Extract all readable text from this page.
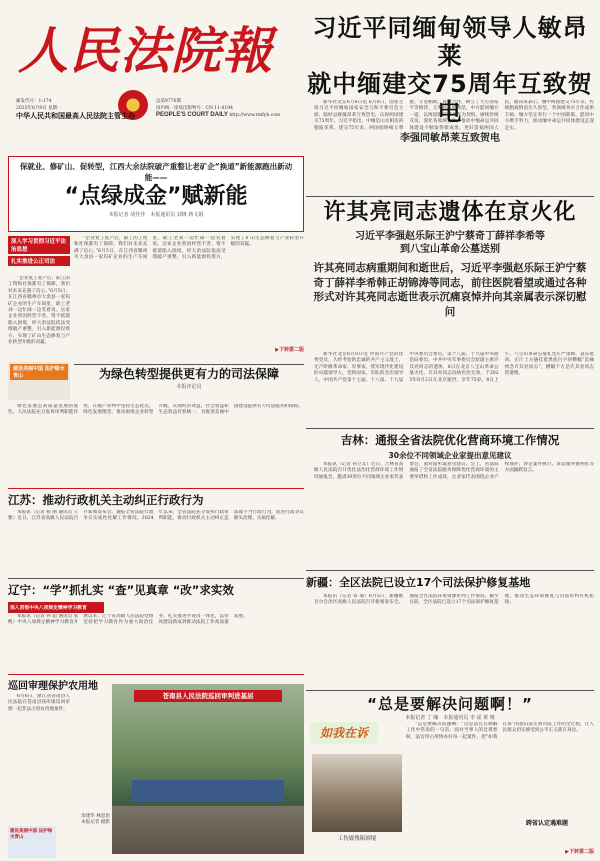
人民法院報
邮发代号：1-174
2025年6月9日 星期一
中华人民共和国最高人民法院主管主办
总第9776期
国内统一连续出版物号：CN 11-0194
PEOPLE'S COURT DAILY http://www.rmfyb.com
习近平同缅甸领导人敏昂莱
就中缅建交75周年互致贺电
李强同敏昂莱互致贺电

新华社北京6月8日电 6月8日，国家主席习近平同缅甸国家安全与和平委员会主席、临时总统敏昂莱互致贺电，庆祝两国建交75周年。习近平指出，中缅是山水相连的胞波邻邦，建交75年来，两国始终相互尊重、守望相助、真诚合作，树立了大小国家平等相待、互利共赢的典范。中方愿同缅方一道，以两国建交75周年为契机，赓续传统友谊，深化各领域合作，推动中缅命运共同体建设不断取得新成果，更好造福两国人民。敏昂莱表示，缅中两国建交75年来，传统胞波情谊历久弥坚，各领域务实合作成果丰硕。缅方坚定奉行一个中国政策，愿同中方携手努力，推动缅中命运共同体建设走深走实。

许其亮同志遗体在京火化
习近平李强赵乐际王沪宁蔡奇丁薛祥李希等
到八宝山革命公墓送别
许其亮同志病重期间和逝世后，习近平李强赵乐际王沪宁蔡奇丁薛祥李希韩正胡锦涛等同志，前往医院看望或通过各种形式对许其亮同志逝世表示沉痛哀悼并向其亲属表示深切慰问

新华社北京6月8日电 中国共产党的优秀党员，久经考验的忠诚的共产主义战士，无产阶级革命家、军事家，我军现代化建设的卓越领导人，党和国家、军队的杰出领导人，中国共产党第十七届、十八届、十九届中央委员会委员，第十八届、十九届中央政治局委员，中共中央军事委员会原副主席许其亮同志的遗体，8日在北京八宝山革命公墓火化。许其亮同志因病医治无效，于2025年6月2日在北京逝世，享年75岁。8日上午，八宝山革命公墓礼堂庄严肃穆，哀乐低回。正厅上方悬挂着黑底白字的横幅“沉痛悼念许其亮同志”，横幅下方是许其亮同志的遗像。

吉林：通报全省法院优化营商环境工作情况
30余位不同领域企业家提出意见建议

本报讯（记者 孙立文）近日，吉林省高级人民法院召开优化法治化营商环境工作情况通报会，邀请30余位不同领域企业家代表参会，面对面听取意见建议。会上，省法院通报了全省法院服务保障优化营商环境的主要举措和工作成效，企业家代表围绕企业产权保护、涉企案件执行、诉讼服务便利化等方面踊跃发言。

新疆：全区法院已设立17个司法保护修复基地

本报讯（记者 覃 瑞）6月5日，新疆维吾尔自治区高级人民法院召开新闻发布会，通报全区法院环境资源审判工作情况。截至目前，全区法院已设立17个司法保护修复基地，推动生态环境修复与司法审判有机衔接。

保就业、修矿山、促转型，江西大余法院破产重整让老矿企“换道”新能源跑出新动能——
“点绿成金”赋新能
本报记者 胡佳佳　本报通讯员 刘锋 蒋文娟
深入学习贯彻习近平法治思想
扎实推进公正司法

“企业复工复产后，职工的工资和社保都有了保障，我们对未来充满了信心。”6月5日，在江西省赣州市大余县一家钨矿企业的生产车间里，职工老刘一边忙碌一边笑着说。这家企业曾因经营不善、资不抵债陷入困境，经大余法院依法受理破产重整，引入新能源投资方，实现了矿山生态修复与产业转型升级的双赢。

“企业复工复产后，职工的工资和社保都有了保障，我们对未来充满了信心。”6月5日，在江西省赣州市大余县一家钨矿企业的生产车间里，职工老刘一边忙碌一边笑着说。这家企业曾因经营不善、资不抵债陷入困境，经大余法院依法受理破产重整，引入新能源投资方，实现了矿山生态修复与产业转型升级的双赢。

▶下转第二版
建设美丽中国 法护绿水青山	为绿色转型提供更有力的司法保障
本报评论员

绿色发展是高质量发展的底色。人民法院充分发挥审判职能作用，在破产审判中坚持生态优先、绿色发展理念，推动困境企业转型升级，实现经济效益、社会效益和生态效益有机统一，为推进美丽中国建设提供有力司法服务和保障。

江苏：推动行政机关主动纠正行政行为

本报讯（记者 杨 丽 通讯员 王 雅）近日，江苏省高级人民法院召开新闻发布会，通报全省法院行政争议实质性化解工作情况。2024年以来，全省法院充分发挥行政审判职能，推动行政机关主动纠正违法或不当行政行为，促进行政争议源头治理、实质化解。

辽宁：“学”抓扎实 “查”见真章 “改”求实效
深入贯彻中央八项规定精神学习教育

本报讯（记者 孙 超 通讯员 张 帆）中央八项规定精神学习教育开展以来，辽宁省高级人民法院党组坚持把学习教育作为重大政治任务，扎实推进学查改一体化，以作风建设新成效推动法院工作高质量发展。

巡回审理保护农用地

6月6日，浙江省苍南县人民法院在苍南县钱库镇巡回审理一起非法占用农用地案件。

余建华 林思思
本报记者 摄影
苍南县人民法院巡回审判进基层
建设美丽中国 法护绿水青山
“总是要解决问题啊！”
本报记者 丁 咖　本报通讯员 李 谣 黄 晴
如我在诉
工伤致残陷困境

“总是要解决问题啊！”这是法官在调解工作中常说的一句话。面对当事人的急难愁盼，法官用心用情办好每一起案件，把“如我在诉”的意识落实到司法工作的全过程，让人民群众切实感受到公平正义就在身边。

跨省认定遇难题
▶下转第二版
